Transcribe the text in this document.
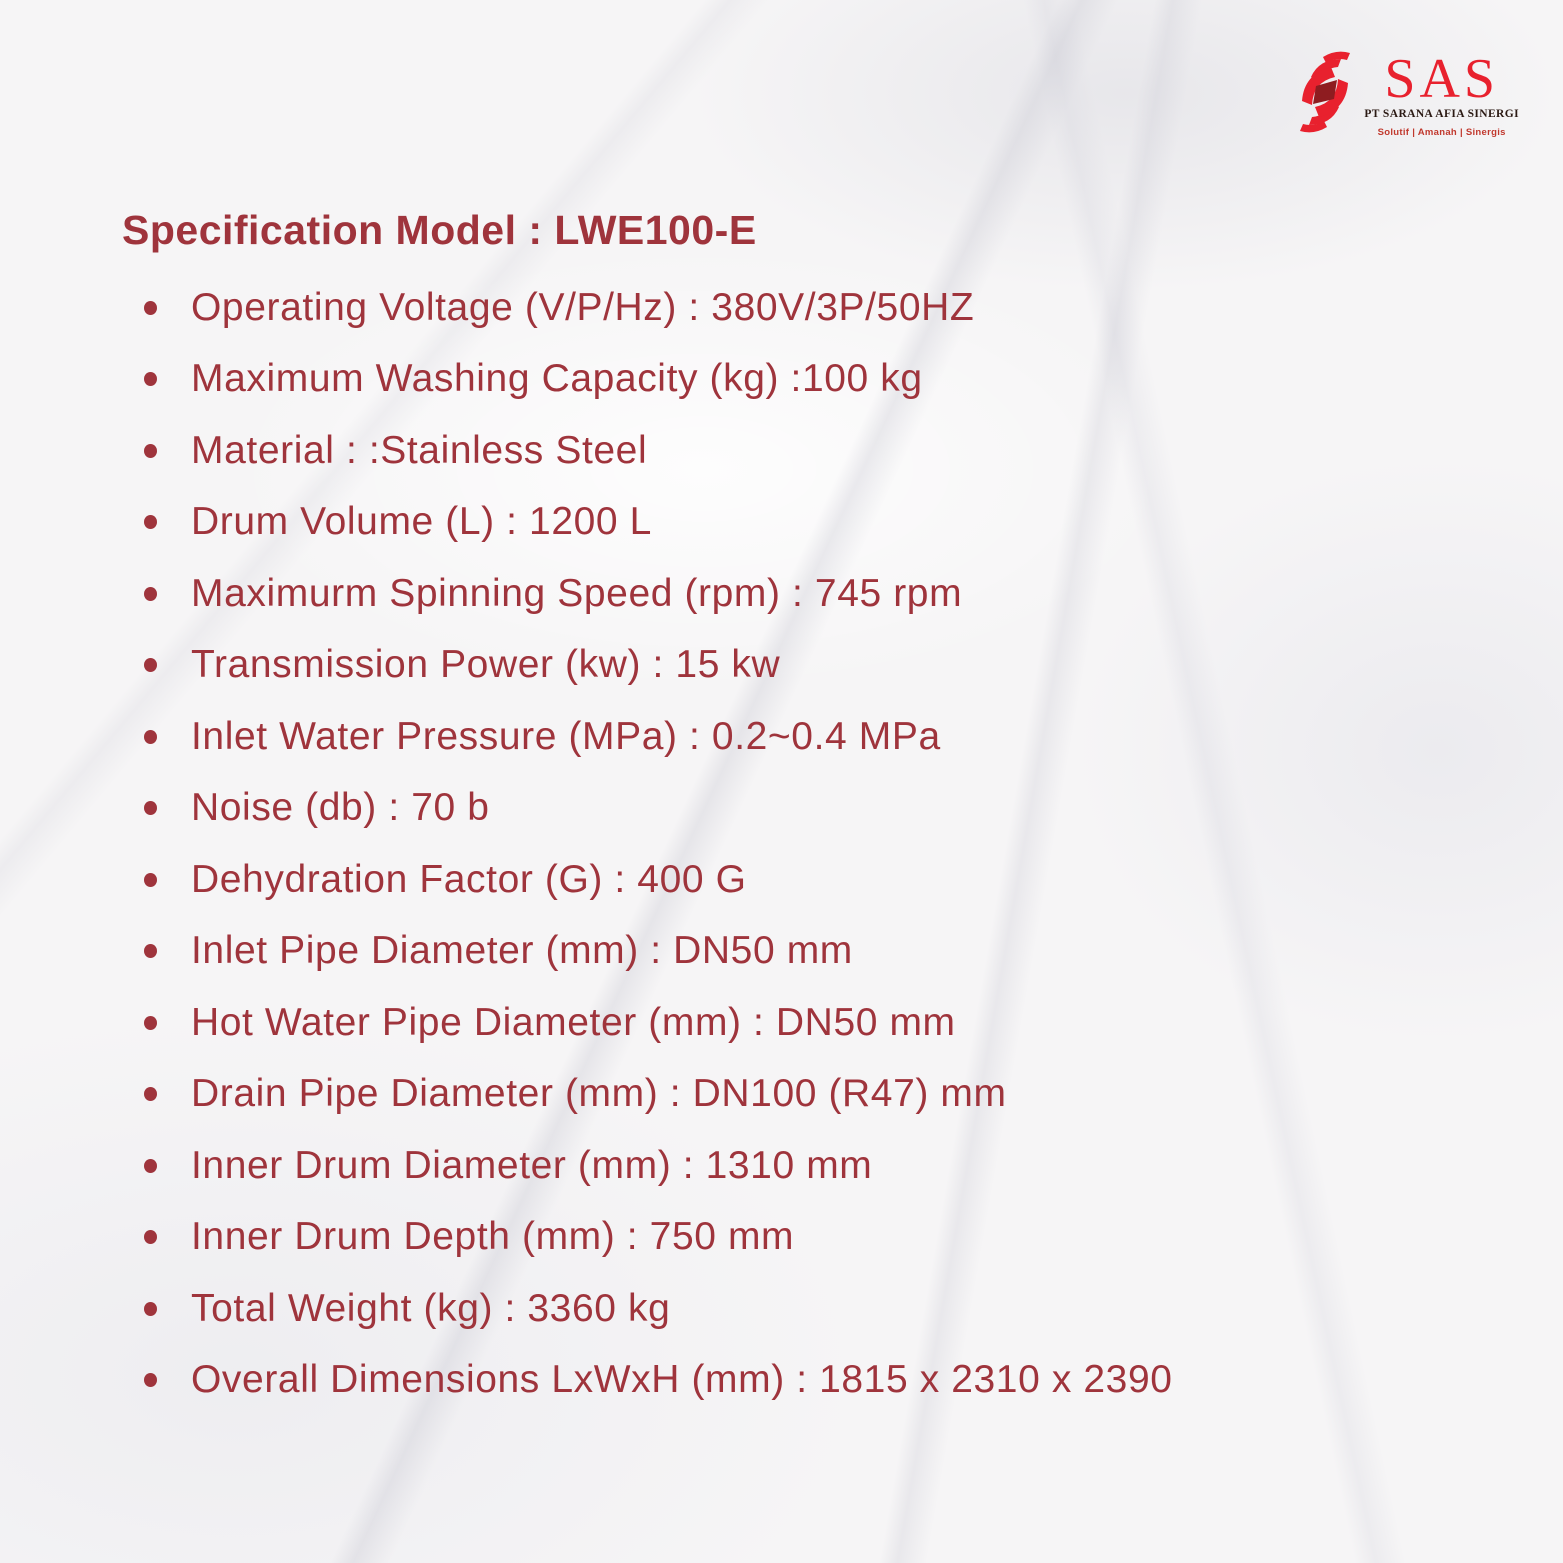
SAS
PT SARANA AFIA SINERGI
Solutif | Amanah | Sinergis
Specification Model : LWE100-E
Operating Voltage (V/P/Hz) : 380V/3P/50HZ
Maximum Washing Capacity (kg) :100 kg
Material : :Stainless Steel
Drum Volume (L) : 1200 L
Maximurm Spinning Speed (rpm) : 745 rpm
Transmission Power (kw) : 15 kw
Inlet Water Pressure (MPa) : 0.2~0.4 MPa
Noise (db) : 70 b
Dehydration Factor (G) : 400 G
Inlet Pipe Diameter (mm) : DN50 mm
Hot Water Pipe Diameter (mm) : DN50 mm
Drain Pipe Diameter (mm) : DN100 (R47) mm
Inner Drum Diameter (mm) : 1310 mm
Inner Drum Depth (mm) : 750 mm
Total Weight (kg) : 3360 kg
Overall Dimensions LxWxH (mm) : 1815 x 2310 x 2390
